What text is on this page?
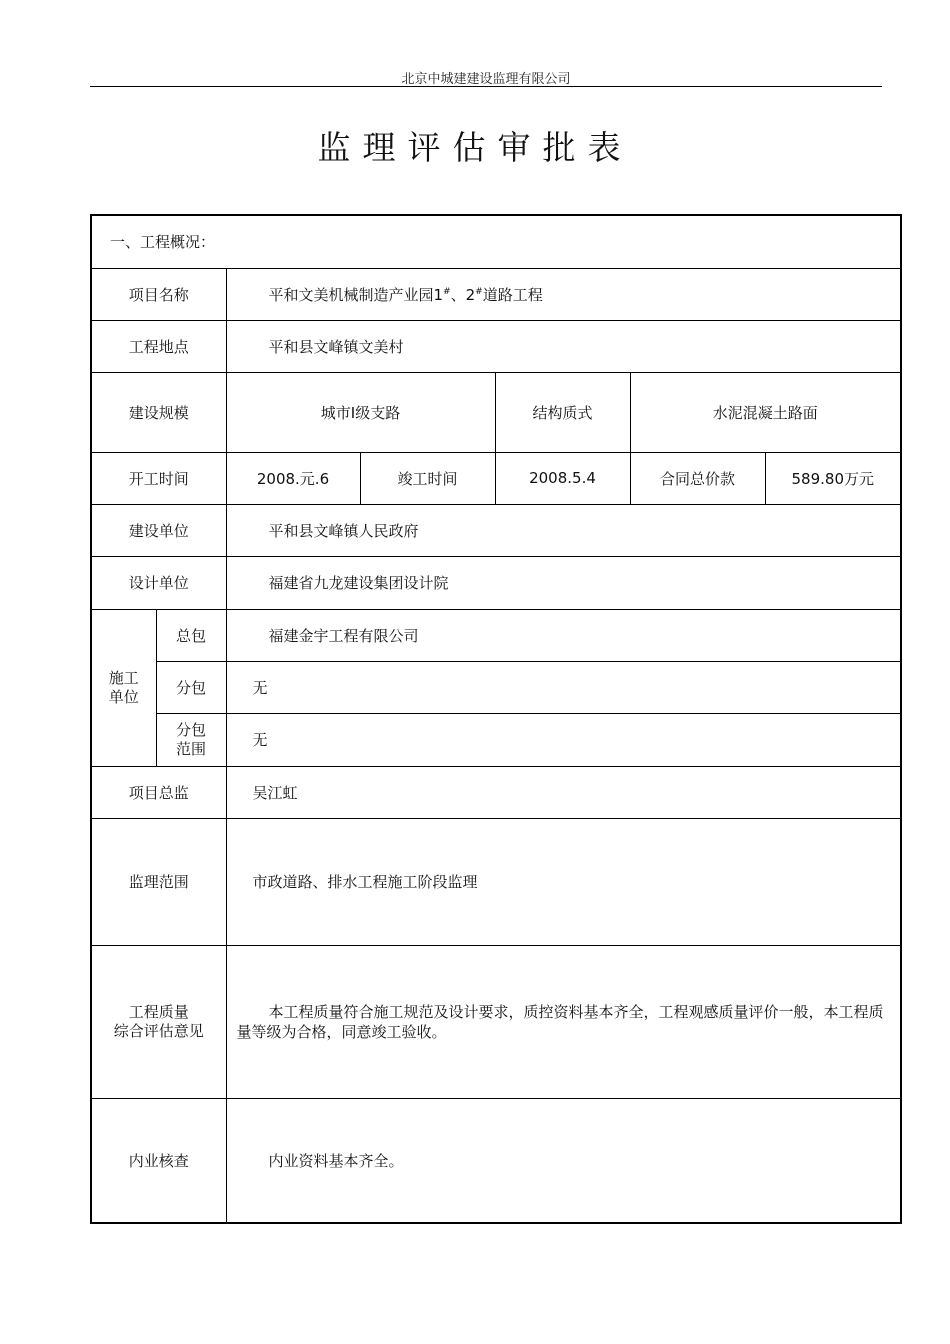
北京中城建建设监理有限公司
监理评估审批表
一、工程概况：						
项目名称		平和文美机械制造产业园1#、2#道路工程				
工程地点		平和县文峰镇文美村				
建设规模		城市Ⅰ级支路		结构质式	水泥混凝土路面	
开工时间		2008.元.6	竣工时间	2008.5.4	合同总价款	589.80万元
建设单位		平和县文峰镇人民政府				
设计单位		福建省九龙建设集团设计院				

施工
单位	总包	福建金宇工程有限公司				
	分包	无				

	分包
范围	无				
项目总监		吴江虹				
监理范围		市政道路、排水工程施工阶段监理				

工程质量
综合评估意见		本工程质量符合施工规范及设计要求，质控资料基本齐全，工程观感质量评价一般，本工程质量等级为合格，同意竣工验收。				
内业核查		内业资料基本齐全。				
